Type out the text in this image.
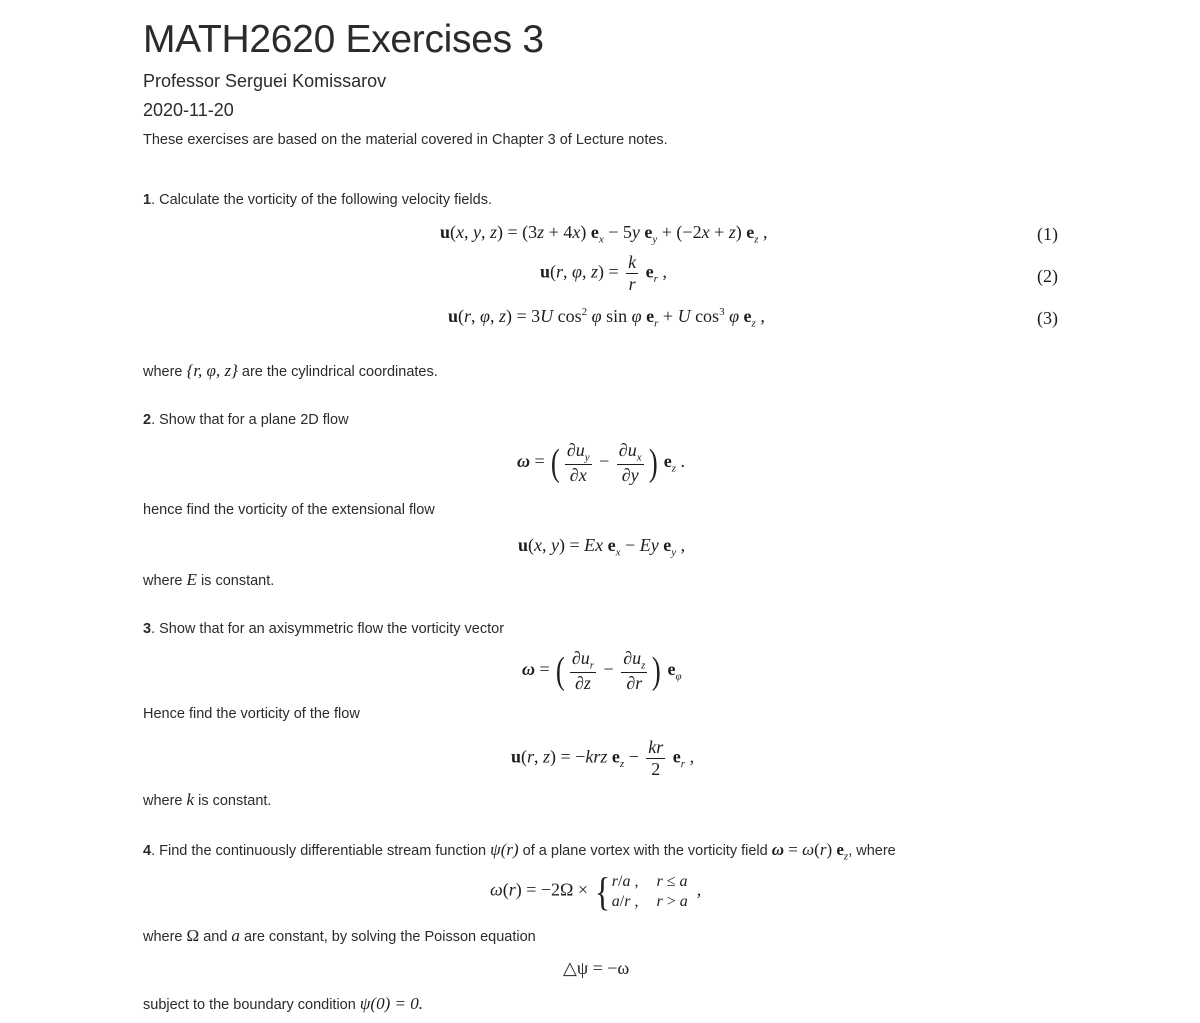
MATH2620 Exercises 3
Professor Serguei Komissarov
2020-11-20
These exercises are based on the material covered in Chapter 3 of Lecture notes.
1. Calculate the vorticity of the following velocity fields.
u(x, y, z) = (3z + 4x) $e_x - 5y$ $e_y + (-2x + z)$ $e_z$ ,	(1)
u(r, φ, $z) = \frac{k}{r} e_r$ ,	(2)
u(r, φ, z) = 3U $\cos^2 \varphi$ sin φ $e_r + U$ $\cos^3 \varphi$ $e_z$ ,	(3)
where {r, φ, z} are the cylindrical coordinates.
2. Show that for a plane 2D flow
ω = ( $\frac{\partial u_y}{\partial x} - \frac{\partial u_x}{\partial y}$ ) $e_z$ .
hence find the vorticity of the extensional flow
u(x, y) = Ex $e_x - Ey$ $e_y$ ,
where E is constant.
3. Show that for an axisymmetric flow the vorticity vector
ω = ( $\frac{\partial u_r}{\partial z} - \frac{\partial u_z}{\partial r}$ ) $e_\varphi$
Hence find the vorticity of the flow
u(r, z) = −krz $e_z - \frac{kr}{2} e_r$ ,
where k is constant.
4. Find the continuously differentiable stream function ψ(r) of a plane vortex with the vorticity field ω = ω(r) $e_z$, where
ω(r) = −2Ω × { r/a , r ≤ a
a/r , r > a
,
where Ω and a are constant, by solving the Poisson equation
△ψ = −ω
subject to the boundary condition ψ(0) = 0.
